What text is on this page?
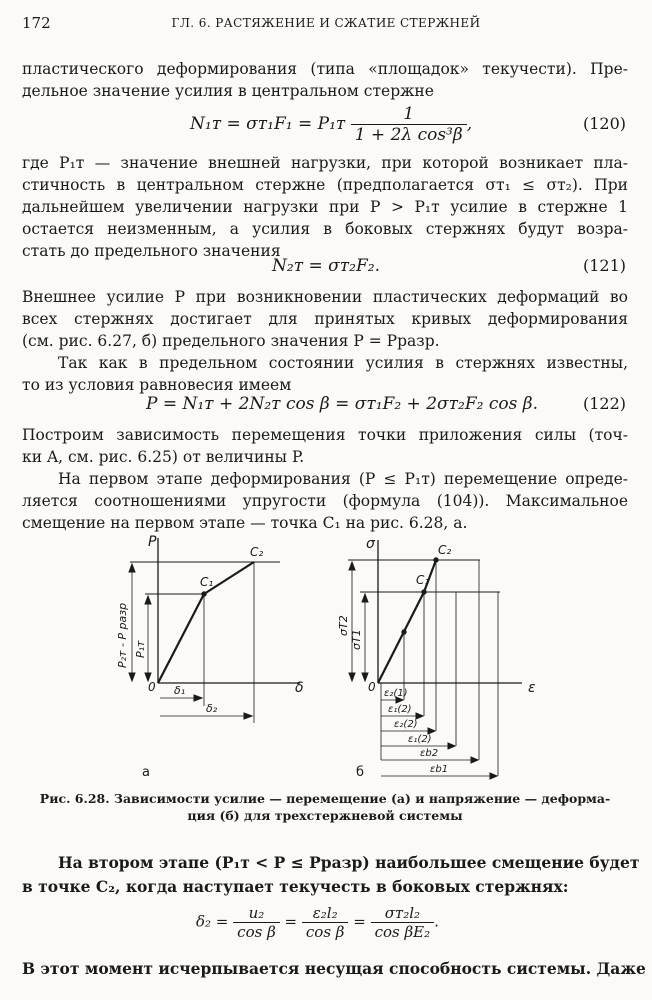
172	ГЛ. 6. РАСТЯЖЕНИЕ И СЖАТИЕ СТЕРЖНЕЙ
пластического деформирования (типа «площадок» текучести). Пре-
дельное значение усилия в центральном стержне
N₁ᴛ = σᴛ₁F₁ = P₁ᴛ $\frac{1}{\text{1 + 2λ cos³β}}$ ,	(120)
где P₁ᴛ — значение внешней нагрузки, при которой возникает пла-
стичность в центральном стержне (предполагается σᴛ₁ ≤ σᴛ₂). При
дальнейшем увеличении нагрузки при P > P₁ᴛ усилие в стержне 1
остается неизменным, а усилия в боковых стержнях будут возра-
стать до предельного значения
N₂ᴛ = σᴛ₂F₂.	(121)
Внешнее усилие P при возникновении пластических деформаций во
всех стержнях достигает для принятых кривых деформирования
(см. рис. 6.27, б) предельного значения P = Pразр.
Так как в предельном состоянии усилия в стержнях известны,
то из условия равновесия имеем
P = N₁ᴛ + 2N₂ᴛ cos β = σᴛ₁F₂ + 2σᴛ₂F₂ cos β.	(122)
Построим зависимость перемещения точки приложения силы (точ-
ки A, см. рис. 6.25) от величины P.
На первом этапе деформирования (P ≤ P₁ᴛ) перемещение опреде-
ляется соотношениями упругости (формула (104)). Максимальное
смещение на первом этапе — точка C₁ на рис. 6.28, а.
P
δ
0
C₁
C₂
P₂ᴛ - P разр P₁ᴛ
δ₁
δ₂
а
σ
ε
0
C₁
C₂
σT2
σT1
ε₂(1)
ε₁(2)
ε₂(2)
ε₁(2)
εb2
εb1
б
Рис. 6.28. Зависимости усилие — перемещение (а) и напряжение — деформа-
ция (б) для трехстержневой системы
На втором этапе (P₁ᴛ < P ≤ Pразр) наибольшее смещение будет
в точке C₂, когда наступает текучесть в боковых стержнях:
$\delta_2 = \frac{\text{u₂}}{\text{cos β}} = \frac{\text{ε₂l₂}}{\text{cos β}} = \frac{\text{σᴛ₂l₂}}{\text{cos βE₂}}$ .
В этот момент исчерпывается несущая способность системы. Даже
